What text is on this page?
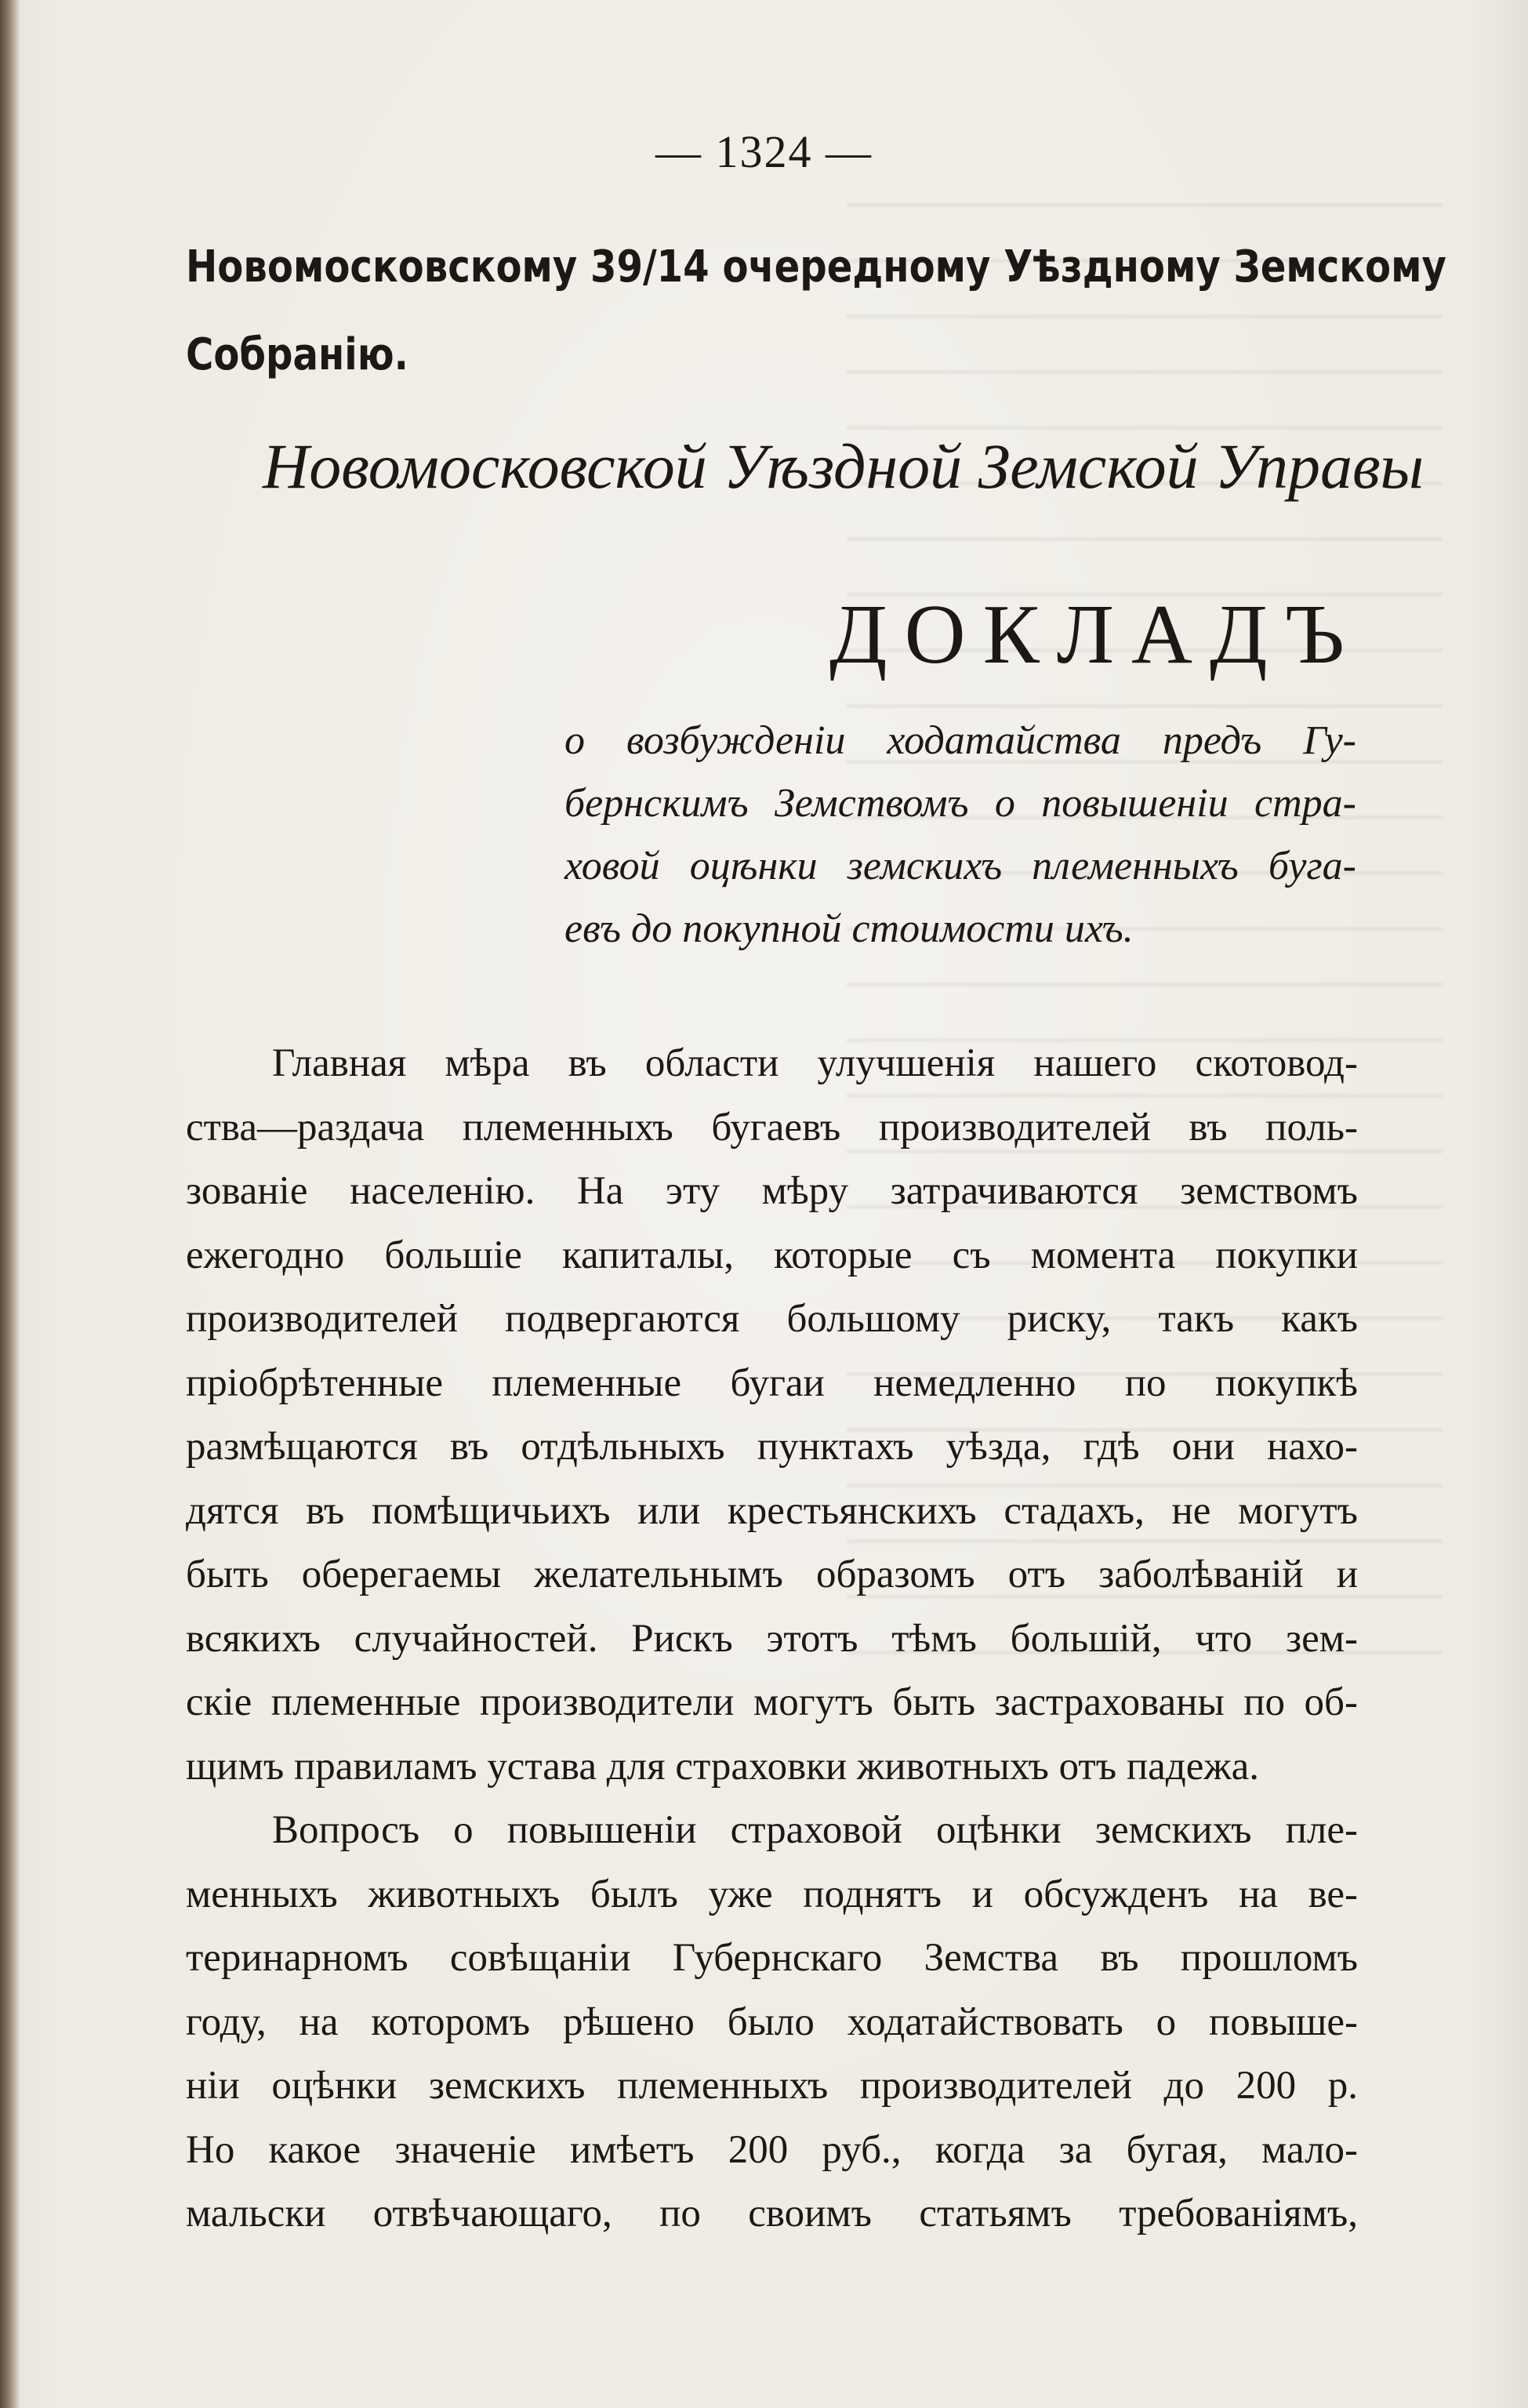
— 1324 —
Новомосковскому 39/14 очередному Уѣздному Земскому
Собранію.
Новомосковской Уѣздной Земской Управы
ДОКЛАДЪ
о возбужденіи ходатайства предъ Гу-
бернскимъ Земствомъ о повышеніи стра-
ховой оцѣнки земскихъ племенныхъ буга-
евъ до покупной стоимости ихъ.
Главная мѣра въ области улучшенія нашего скотовод-
ства—раздача племенныхъ бугаевъ производителей въ поль-
зованіе населенію. На эту мѣру затрачиваются земствомъ
ежегодно большіе капиталы, которые съ момента покупки
производителей подвергаются большому риску, такъ какъ
пріобрѣтенные племенные бугаи немедленно по покупкѣ
размѣщаются въ отдѣльныхъ пунктахъ уѣзда, гдѣ они нахо-
дятся въ помѣщичьихъ или крестьянскихъ стадахъ, не могутъ
быть оберегаемы желательнымъ образомъ отъ заболѣваній и
всякихъ случайностей. Рискъ этотъ тѣмъ большій, что зем-
скіе племенные производители могутъ быть застрахованы по об-
щимъ правиламъ устава для страховки животныхъ отъ падежа.
Вопросъ о повышеніи страховой оцѣнки земскихъ пле-
менныхъ животныхъ былъ уже поднятъ и обсужденъ на ве-
теринарномъ совѣщаніи Губернскаго Земства въ прошломъ
году, на которомъ рѣшено было ходатайствовать о повыше-
ніи оцѣнки земскихъ племенныхъ производителей до 200 р.
Но какое значеніе имѣетъ 200 руб., когда за бугая, мало-
мальски отвѣчающаго, по своимъ статьямъ требованіямъ,
